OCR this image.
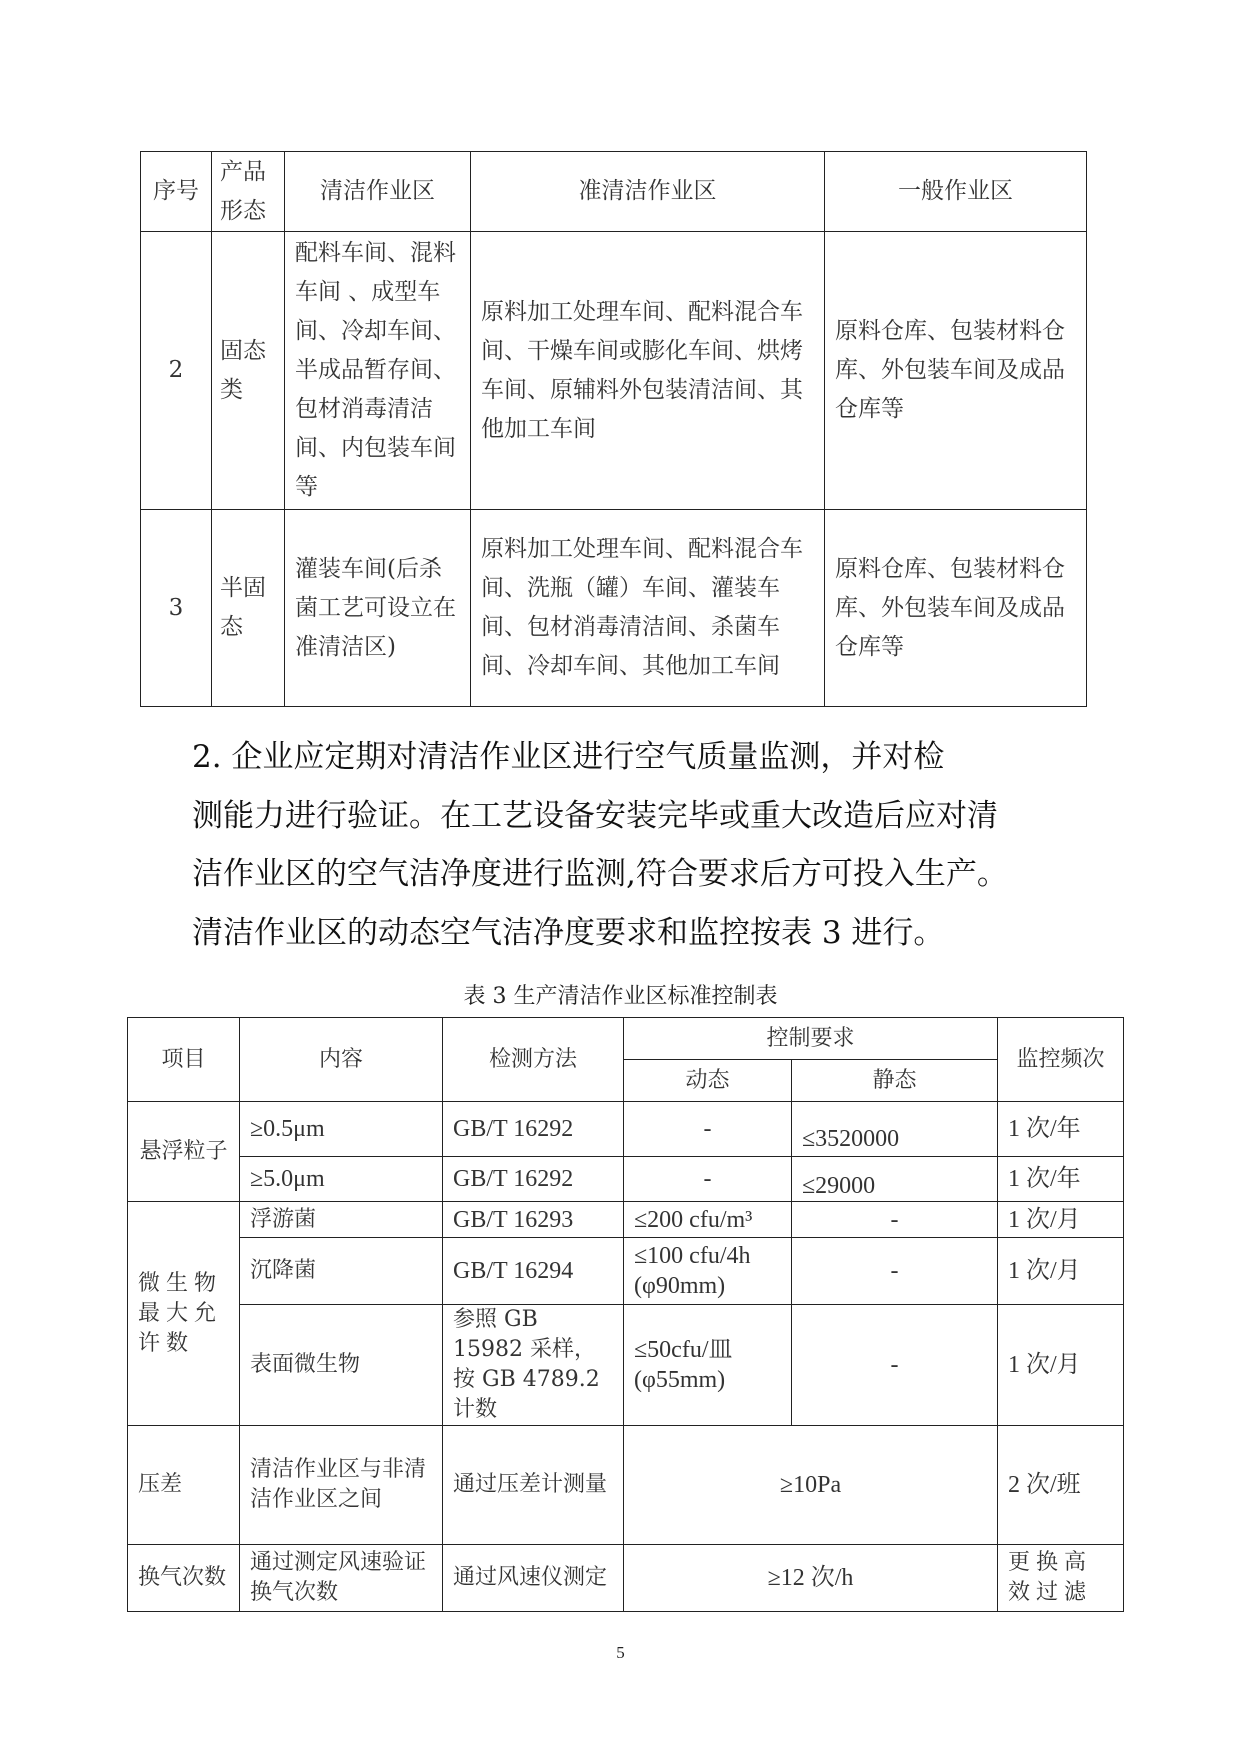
序号	产品形态	清洁作业区	准清洁作业区	一般作业区
2	固态类	配料车间、混料车间 、成型车间、冷却车间、半成品暂存间、包材消毒清洁间、内包装车间等	原料加工处理车间、配料混合车间、干燥车间或膨化车间、烘烤车间、原辅料外包装清洁间、其他加工车间	原料仓库、包装材料仓库、外包装车间及成品仓库等
3	半固态	灌装车间(后杀菌工艺可设立在准清洁区)	原料加工处理车间、配料混合车间、洗瓶（罐）车间、灌装车间、包材消毒清洁间、杀菌车间、冷却车间、其他加工车间	原料仓库、包装材料仓库、外包装车间及成品仓库等

2. 企业应定期对清洁作业区进行空气质量监测，并对检

测能力进行验证。在工艺设备安装完毕或重大改造后应对清

洁作业区的空气洁净度进行监测,符合要求后方可投入生产。

清洁作业区的动态空气洁净度要求和监控按表 3 进行。

表 3 生产清洁作业区标准控制表
项目	内容	检测方法	控制要求		监控频次
			动态	静态	
悬浮粒子	≥0.5μm	GB/T 16292	-	≤3520000	1 次/年
	≥5.0μm	GB/T 16292	-	≤29000	1 次/年
微生物最大允许数	浮游菌	GB/T 16293	≤200 cfu/m³	-	1 次/月
	沉降菌	GB/T 16294	≤100 cfu/4h (φ90mm)	-	1 次/月
	表面微生物	参照 GB 15982 采样，按 GB 4789.2 计数	≤50cfu/皿 (φ55mm)	-	1 次/月
压差	清洁作业区与非清洁作业区之间	通过压差计测量	≥10Pa		2 次/班
换气次数	通过测定风速验证换气次数	通过风速仪测定	≥12 次/h		更换高效过滤
5
